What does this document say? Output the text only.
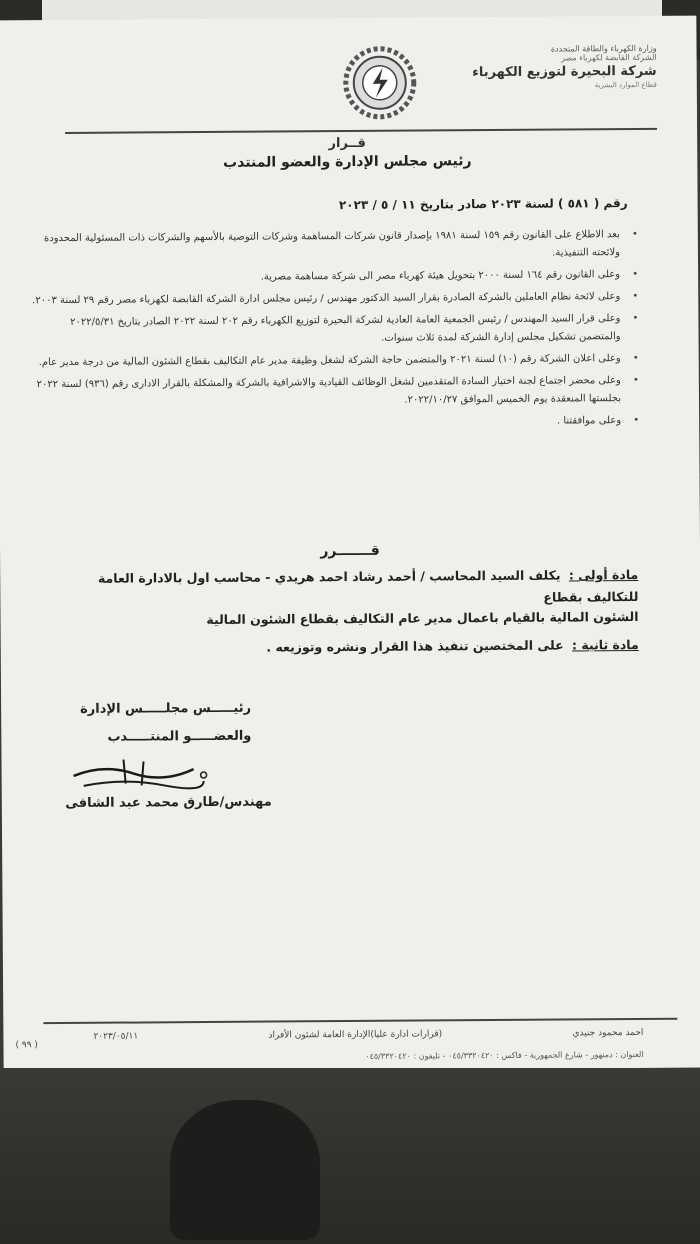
وزارة الكهرباء والطاقة المتجددة
الشركة القابضة لكهرباء مصر
شركة البحيرة لتوزيع الكهرباء
قطاع الموارد البشرية
قــرار
رئيس مجلس الإدارة والعضو المنتدب
رقم ( ٥٨١ ) لسنة ٢٠٢٣ صادر بتاريخ ١١ / ٥ / ٢٠٢٣
• بعد الاطلاع على القانون رقم ١٥٩ لسنة ١٩٨١ بإصدار قانون شركات المساهمة وشركات التوصية بالأسهم والشركات ذات المسئولية المحدودة ولائحته التنفيذية.
• وعلى القانون رقم ١٦٤ لسنة ٢٠٠٠ بتحويل هيئة كهرباء مصر الى شركة مساهمة مصرية.
• وعلى لائحة نظام العاملين بالشركة الصادرة بقرار السيد الدكتور مهندس / رئيس مجلس ادارة الشركة القابضة لكهرباء مصر رقم ٢٩ لسنة ٢٠٠٣.
• وعلى قرار السيد المهندس / رئيس الجمعية العامة العادية لشركة البحيرة لتوزيع الكهرباء رقم ٢٠٢ لسنة ٢٠٢٢ الصادر بتاريخ ٢٠٢٢/٥/٣١ والمتضمن تشكيل مجلس إدارة الشركة لمدة ثلاث سنوات.
• وعلى اعلان الشركة رقم (١٠) لسنة ٢٠٢١ والمتضمن حاجة الشركة لشغل وظيفة مدير عام التكاليف بقطاع الشئون المالية من درجة مدير عام.
• وعلى محضر اجتماع لجنة اختيار السادة المتقدمين لشغل الوظائف القيادية والاشرافية بالشركة والمشكلة بالقرار الادارى رقم (٩٣٦) لسنة ٢٠٢٢ بجلستها المنعقدة يوم الخميس الموافق ٢٠٢٢/١٠/٢٧.
• وعلى موافقتنا .
قـــــــرر
مادة أولى : يكلف السيد المحاسب / أحمد رشاد احمد هريدي - محاسب اول بالادارة العامة للتكاليف بقطاع
الشئون المالية بالقيام باعمال مدير عام التكاليف بقطاع الشئون المالية
مادة ثانية : على المختصين تنفيذ هذا القرار ونشره وتوزيعه .
رئيـــــس مجلـــــس الإدارة
والعضـــــو المنتـــــدب
مهندس/طارق محمد عبد الشافى
احمد محمود جنيدي
(قرارات ادارة عليا)الإدارة العامة لشئون الأفراد
٢٠٢٣/٠٥/١١
العنوان : دمنهور - شارع الجمهورية - فاكس : ٠٤٥/٣٣٢٠٤٢٠ - تليفون : ٠٤٥/٣٣٢٠٤٢٠
( ٩٩ )
